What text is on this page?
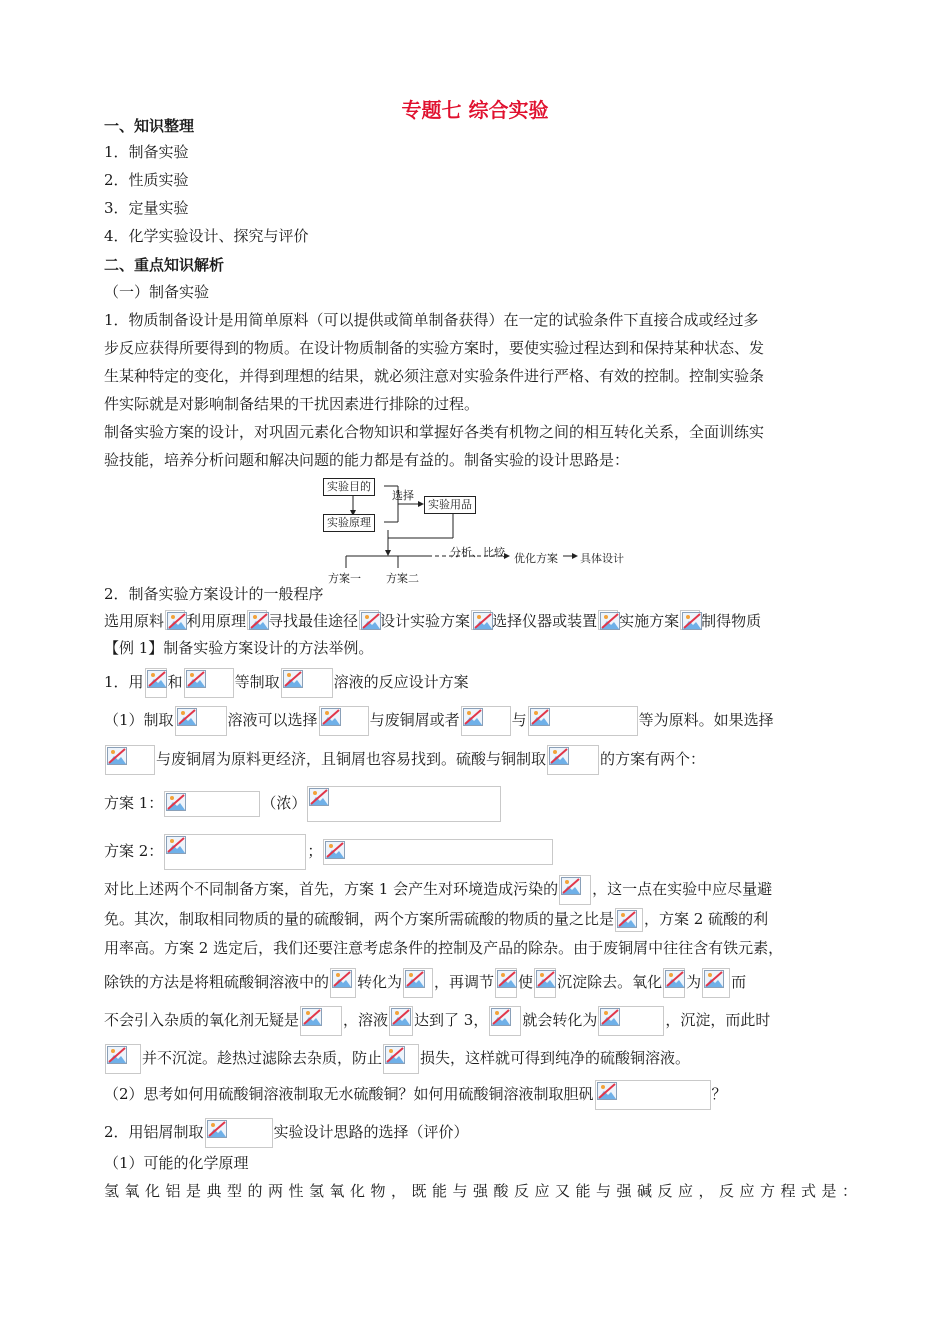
专题七 综合实验
一、知识整理
1．制备实验
2．性质实验
3．定量实验
4．化学实验设计、探究与评价
二、重点知识解析
（一）制备实验
1．物质制备设计是用简单原料（可以提供或简单制备获得）在一定的试验条件下直接合成或经过多
步反应获得所要得到的物质。在设计物质制备的实验方案时，要使实验过程达到和保持某种状态、发
生某种特定的变化，并得到理想的结果，就必须注意对实验条件进行严格、有效的控制。控制实验条
件实际就是对影响制备结果的干扰因素进行排除的过程。
制备实验方案的设计，对巩固元素化合物知识和掌握好各类有机物之间的相互转化关系，全面训练实
验技能，培养分析问题和解决问题的能力都是有益的。制备实验的设计思路是：
实验目的
实验原理
实验用品
选择
分析、比较 优化方案 具体设计
方案一 方案二
2．制备实验方案设计的一般程序
选用原料 利用原理 寻找最佳途径 设计实验方案 选择仪器或装置 实施方案 制得物质
【例 1】制备实验方案设计的方法举例。
1．用 和	等制取	溶液的反应设计方案
（1）制取	溶液可以选择	与废铜屑或者	与	等为原料。如果选择
与废铜屑为原料更经济，且铜屑也容易找到。硫酸与铜制取	的方案有两个：
方案 1：	（浓）
方案 2：	；
对比上述两个不同制备方案，首先，方案 1 会产生对环境造成污染的 ，这一点在实验中应尽量避
免。其次，制取相同物质的量的硫酸铜，两个方案所需硫酸的物质的量之比是 ，方案 2 硫酸的利
用率高。方案 2 选定后，我们还要注意考虑条件的控制及产品的除杂。由于废铜屑中往往含有铁元素，
除铁的方法是将粗硫酸铜溶液中的 转化为 ，再调节 使 沉淀除去。氧化 为 而
不会引入杂质的氧化剂无疑是	，溶液 达到了 3， 就会转化为	，沉淀，而此时
并不沉淀。趁热过滤除去杂质，防止	损失，这样就可得到纯净的硫酸铜溶液。
（2）思考如何用硫酸铜溶液制取无水硫酸铜？如何用硫酸铜溶液制取胆矾	？
2．用铝屑制取	实验设计思路的选择（评价）
（1）可能的化学原理
氢氧化铝是典型的两性氢氧化物，既能与强酸反应又能与强碱反应，反应方程式是：
